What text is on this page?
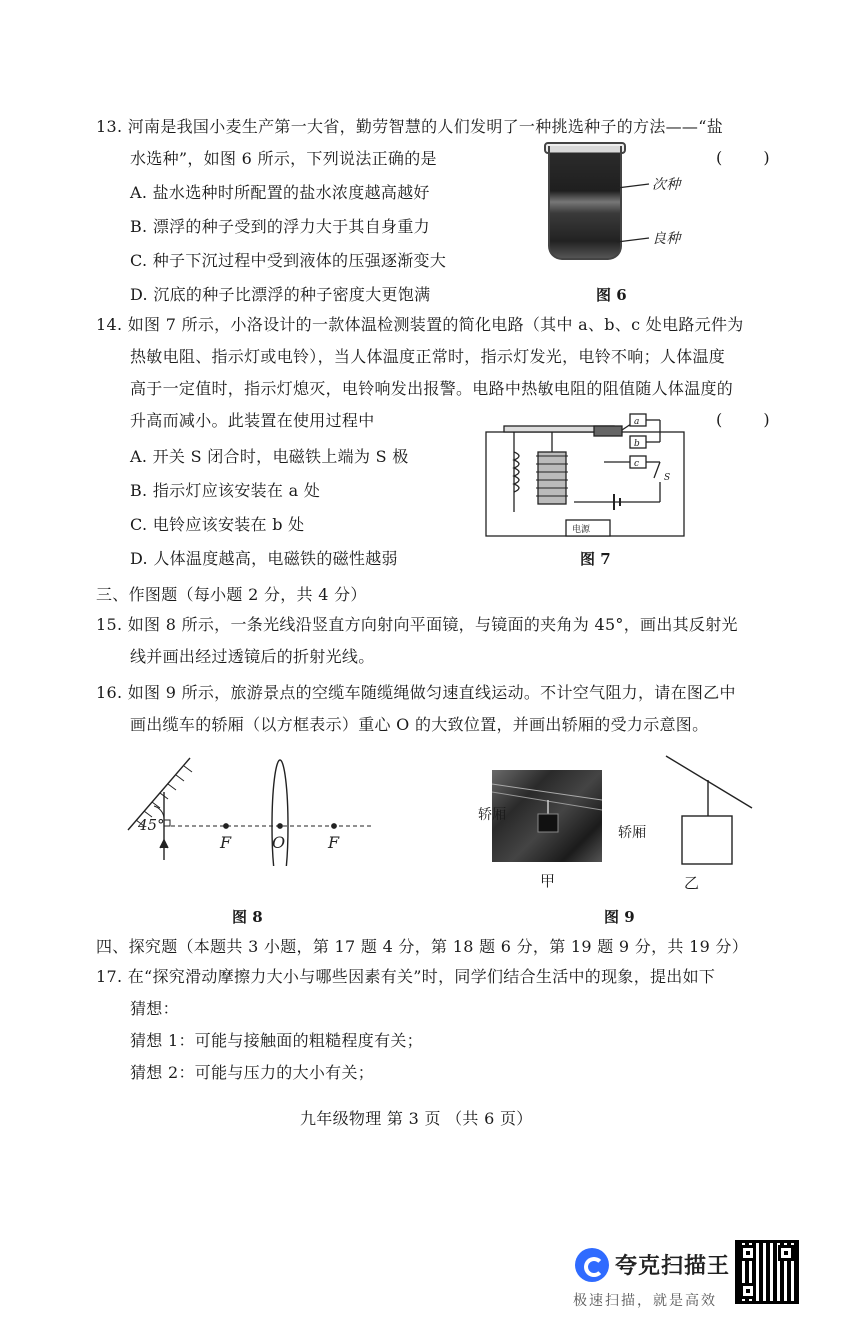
13. 河南是我国小麦生产第一大省，勤劳智慧的人们发明了一种挑选种子的方法——“盐
水选种”，如图 6 所示，下列说法正确的是	( )
A. 盐水选种时所配置的盐水浓度越高越好
B. 漂浮的种子受到的浮力大于其自身重力
C. 种子下沉过程中受到液体的压强逐渐变大
D. 沉底的种子比漂浮的种子密度大更饱满
次种
良种
图 6
14. 如图 7 所示，小洛设计的一款体温检测装置的简化电路（其中 a、b、c 处电路元件为
热敏电阻、指示灯或电铃），当人体温度正常时，指示灯发光，电铃不响；人体温度
高于一定值时，指示灯熄灭，电铃响发出报警。电路中热敏电阻的阻值随人体温度的
升高而减小。此装置在使用过程中	( )
A. 开关 S 闭合时，电磁铁上端为 S 极
B. 指示灯应该安装在 a 处
C. 电铃应该安装在 b 处
D. 人体温度越高，电磁铁的磁性越弱
a
b
c
S
电源
图 7
三、作图题（每小题 2 分，共 4 分）
15. 如图 8 所示，一条光线沿竖直方向射向平面镜，与镜面的夹角为 45°，画出其反射光
线并画出经过透镜后的折射光线。
16. 如图 9 所示，旅游景点的空缆车随缆绳做匀速直线运动。不计空气阻力，请在图乙中
画出缆车的轿厢（以方框表示）重心 O 的大致位置，并画出轿厢的受力示意图。
45°
F	O	F
图 8
轿厢
甲
轿厢
乙
图 9
四、探究题（本题共 3 小题，第 17 题 4 分，第 18 题 6 分，第 19 题 9 分，共 19 分）
17. 在“探究滑动摩擦力大小与哪些因素有关”时，同学们结合生活中的现象，提出如下
猜想：
猜想 1：可能与接触面的粗糙程度有关；
猜想 2：可能与压力的大小有关；
九年级物理 第 3 页 （共 6 页）
夸克扫描王
极速扫描，就是高效
